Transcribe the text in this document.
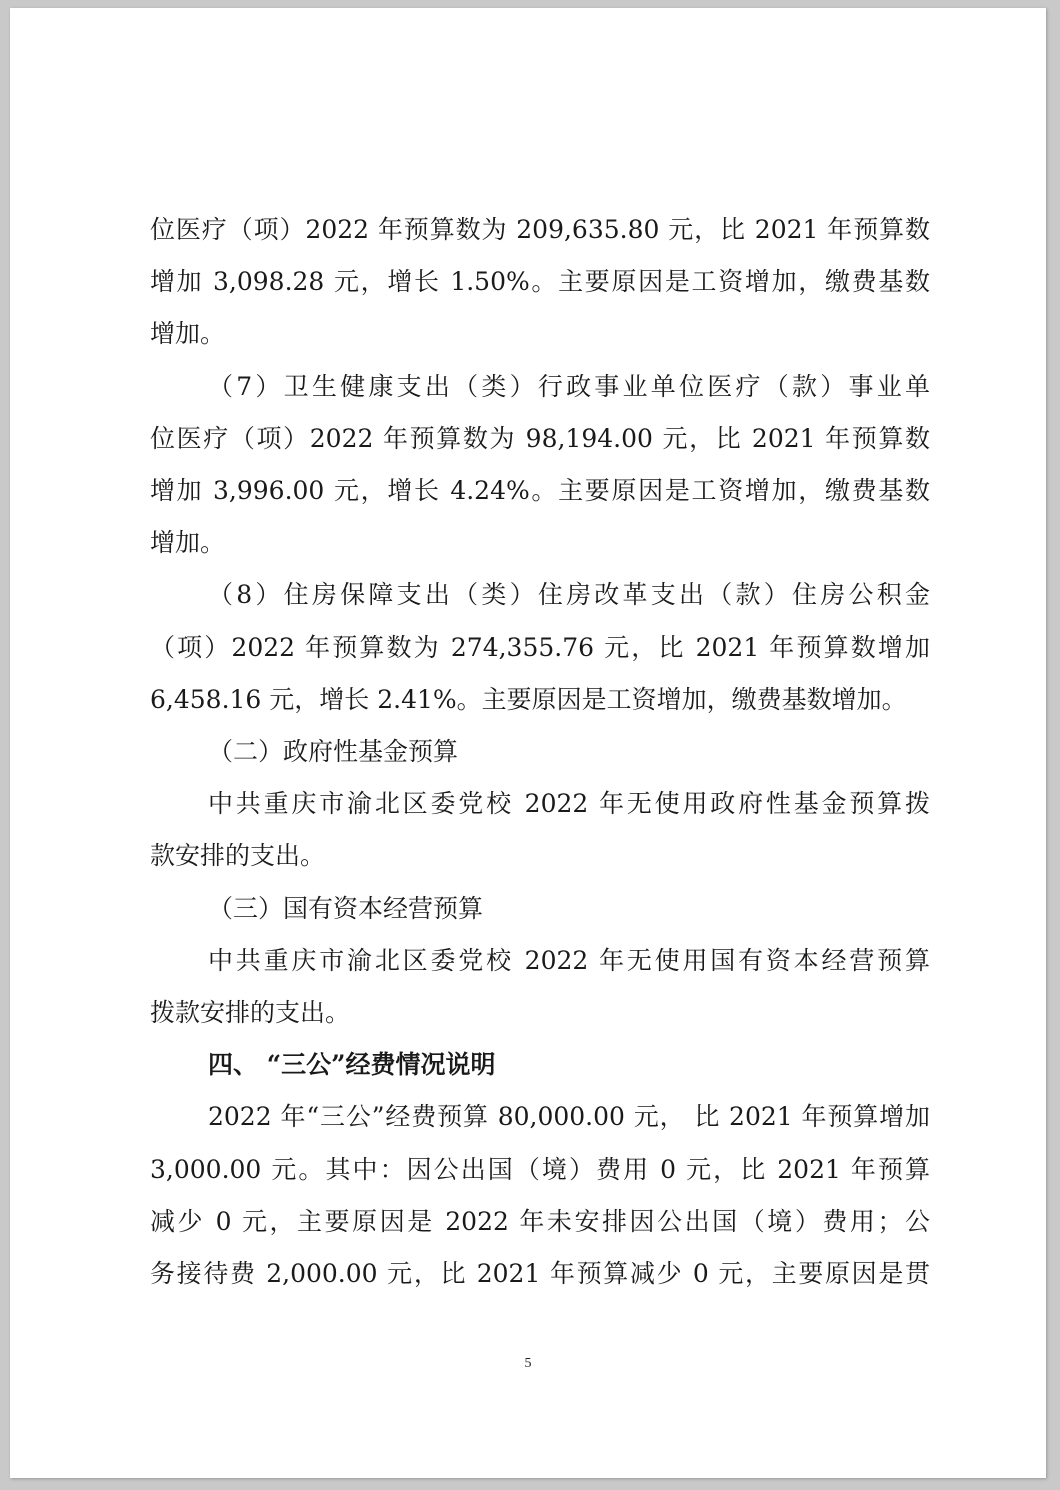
位医疗（项）2022 年预算数为 209,635.80 元，比 2021 年预算数
增加 3,098.28 元，增长 1.50%。主要原因是工资增加，缴费基数
增加。

（7）卫生健康支出（类）行政事业单位医疗（款）事业单
位医疗（项）2022 年预算数为 98,194.00 元，比 2021 年预算数
增加 3,996.00 元，增长 4.24%。主要原因是工资增加，缴费基数
增加。

（8）住房保障支出（类）住房改革支出（款）住房公积金
（项）2022 年预算数为 274,355.76 元，比 2021 年预算数增加
6,458.16 元，增长 2.41%。主要原因是工资增加，缴费基数增加。

（二）政府性基金预算

中共重庆市渝北区委党校 2022 年无使用政府性基金预算拨
款安排的支出。

（三）国有资本经营预算

中共重庆市渝北区委党校 2022 年无使用国有资本经营预算
拨款安排的支出。

四、 “三公”经费情况说明

2022 年“三公”经费预算 80,000.00 元， 比 2021 年预算增加
3,000.00 元。其中：因公出国（境）费用 0 元，比 2021 年预算
减少 0 元，主要原因是 2022 年未安排因公出国（境）费用；公
务接待费 2,000.00 元，比 2021 年预算减少 0 元，主要原因是贯

5
